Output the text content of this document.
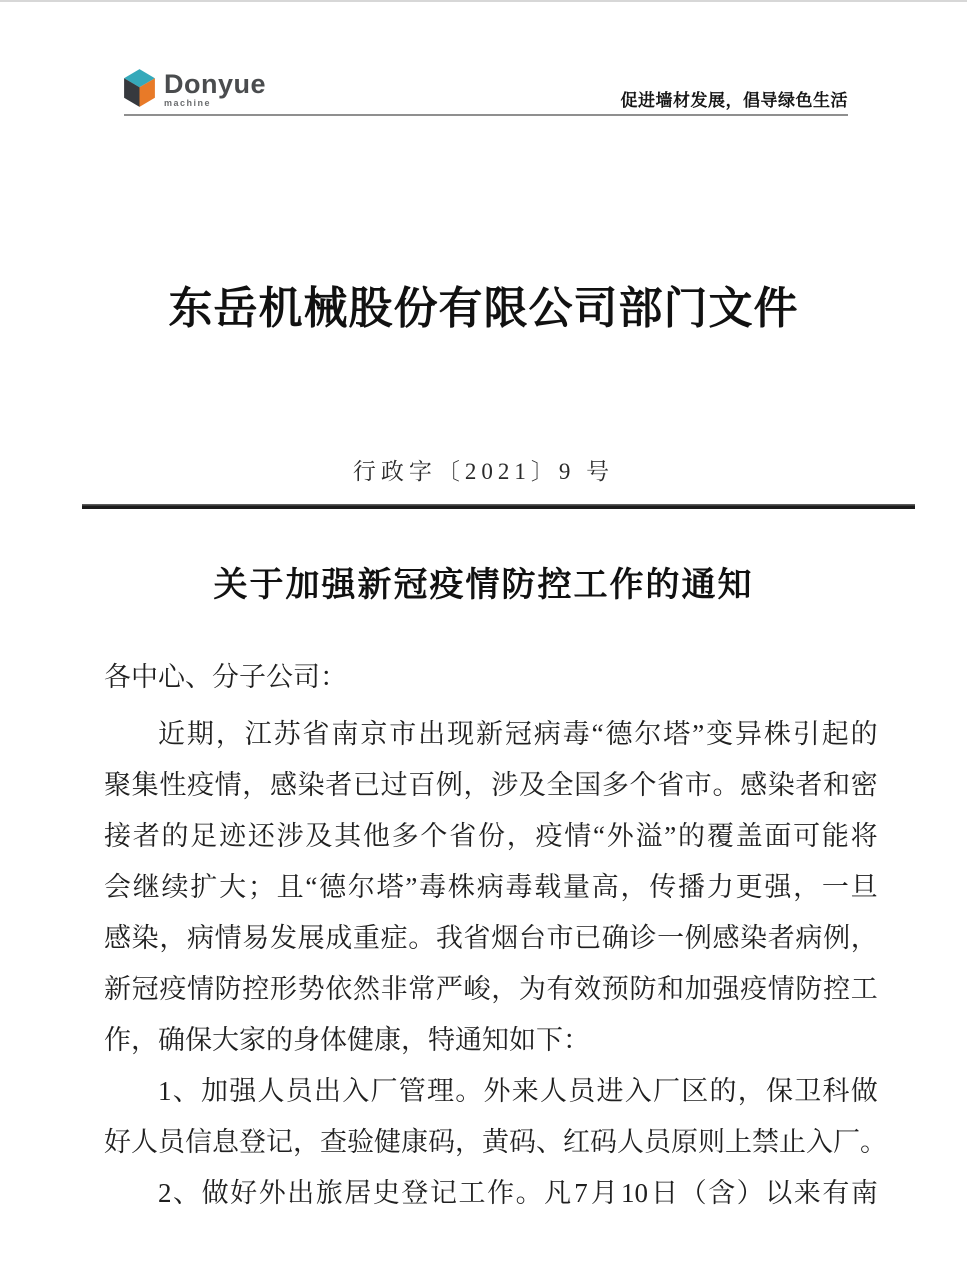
Donyue
machine	促进墙材发展，倡导绿色生活
东岳机械股份有限公司部门文件
行政字〔2021〕9 号
关于加强新冠疫情防控工作的通知
各中心、分子公司：
近 期 ， 江 苏 省 南 京 市 出 现 新 冠 病 毒 “ 德 尔 塔 ” 变 异 株 引 起 的
聚 集 性 疫 情 ， 感 染 者 已 过 百 例 ， 涉 及 全 国 多 个 省 市 。 感 染 者 和 密
接 者 的 足 迹 还 涉 及 其 他 多 个 省 份 ， 疫 情 “ 外 溢 ” 的 覆 盖 面 可 能 将
会 继 续 扩 大 ； 且 “ 德 尔 塔 ” 毒 株 病 毒 载 量 高 ， 传 播 力 更 强 ， 一 旦
感 染 ， 病 情 易 发 展 成 重 症 。 我 省 烟 台 市 已 确 诊 一 例 感 染 者 病 例 ，
新 冠 疫 情 防 控 形 势 依 然 非 常 严 峻 ， 为 有 效 预 防 和 加 强 疫 情 防 控 工
作，确保大家的身体健康，特通知如下：
1 、 加 强 人 员 出 入 厂 管 理 。 外 来 人 员 进 入 厂 区 的 ， 保 卫 科 做
好 人 员 信 息 登 记 ， 查 验 健 康 码 ， 黄 码 、 红 码 人 员 原 则 上 禁 止 入 厂 。
2 、 做 好 外 出 旅 居 史 登 记 工 作 。 凡 7 月 10 日 （ 含 ） 以 来 有 南
